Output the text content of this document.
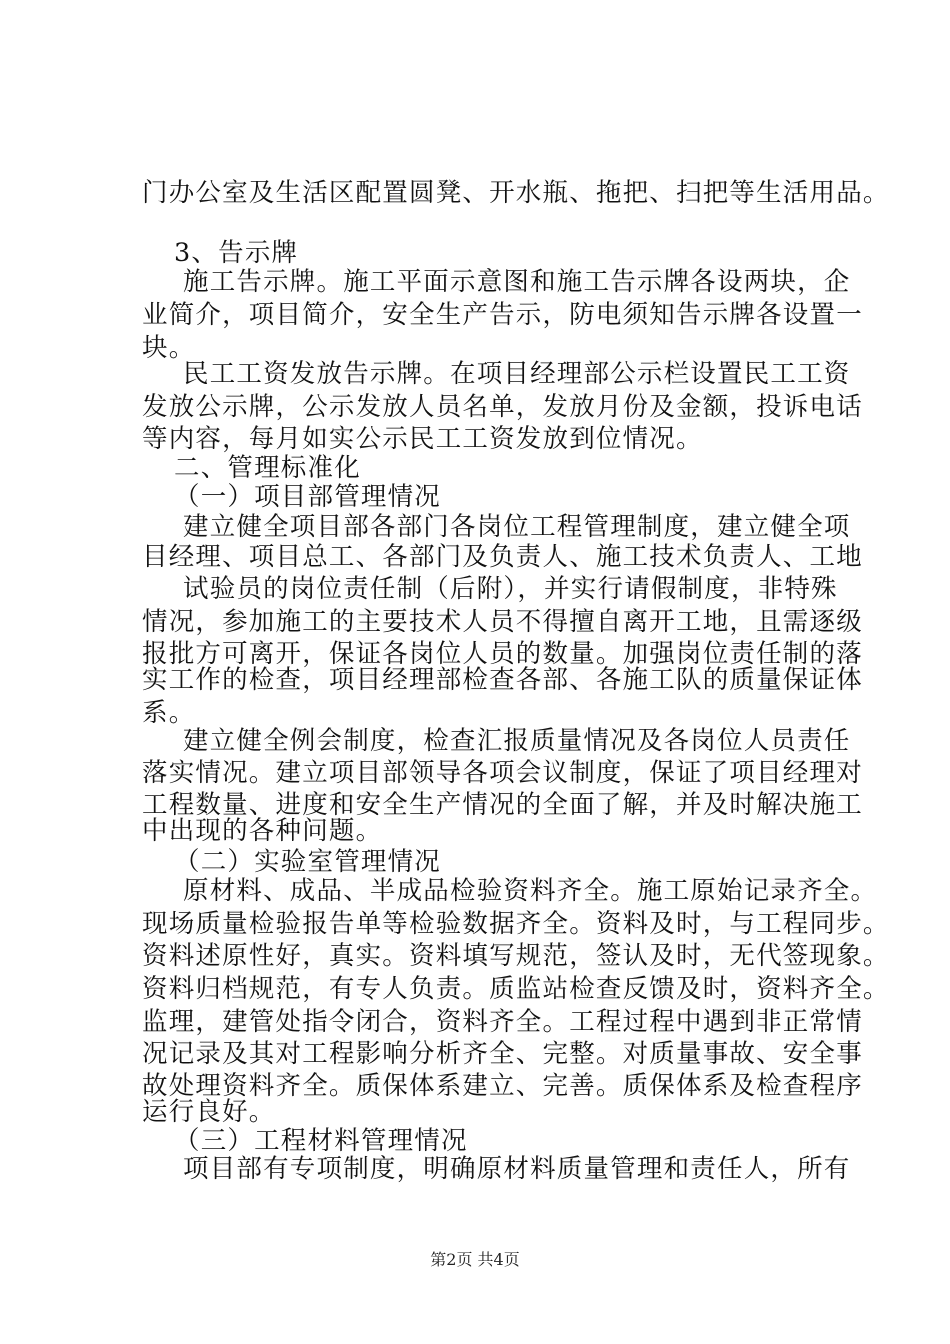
门办公室及生活区配置圆凳、开水瓶、拖把、扫把等生活用品。
3、告示牌
施工告示牌。施工平面示意图和施工告示牌各设两块，企
业简介，项目简介，安全生产告示，防电须知告示牌各设置一
块。
民工工资发放告示牌。在项目经理部公示栏设置民工工资
发放公示牌，公示发放人员名单，发放月份及金额，投诉电话
等内容，每月如实公示民工工资发放到位情况。
二、管理标准化
（一）项目部管理情况
建立健全项目部各部门各岗位工程管理制度，建立健全项
目经理、项目总工、各部门及负责人、施工技术负责人、工地
试验员的岗位责任制（后附），并实行请假制度，非特殊
情况，参加施工的主要技术人员不得擅自离开工地，且需逐级
报批方可离开，保证各岗位人员的数量。加强岗位责任制的落
实工作的检查，项目经理部检查各部、各施工队的质量保证体
系。
建立健全例会制度，检查汇报质量情况及各岗位人员责任
落实情况。建立项目部领导各项会议制度，保证了项目经理对
工程数量、进度和安全生产情况的全面了解，并及时解决施工
中出现的各种问题。
（二）实验室管理情况
原材料、成品、半成品检验资料齐全。施工原始记录齐全。
现场质量检验报告单等检验数据齐全。资料及时，与工程同步。
资料述原性好，真实。资料填写规范，签认及时，无代签现象。
资料归档规范，有专人负责。质监站检查反馈及时，资料齐全。
监理，建管处指令闭合，资料齐全。工程过程中遇到非正常情
况记录及其对工程影响分析齐全、完整。对质量事故、安全事
故处理资料齐全。质保体系建立、完善。质保体系及检查程序
运行良好。
（三）工程材料管理情况
项目部有专项制度，明确原材料质量管理和责任人，所有
第2页 共4页
